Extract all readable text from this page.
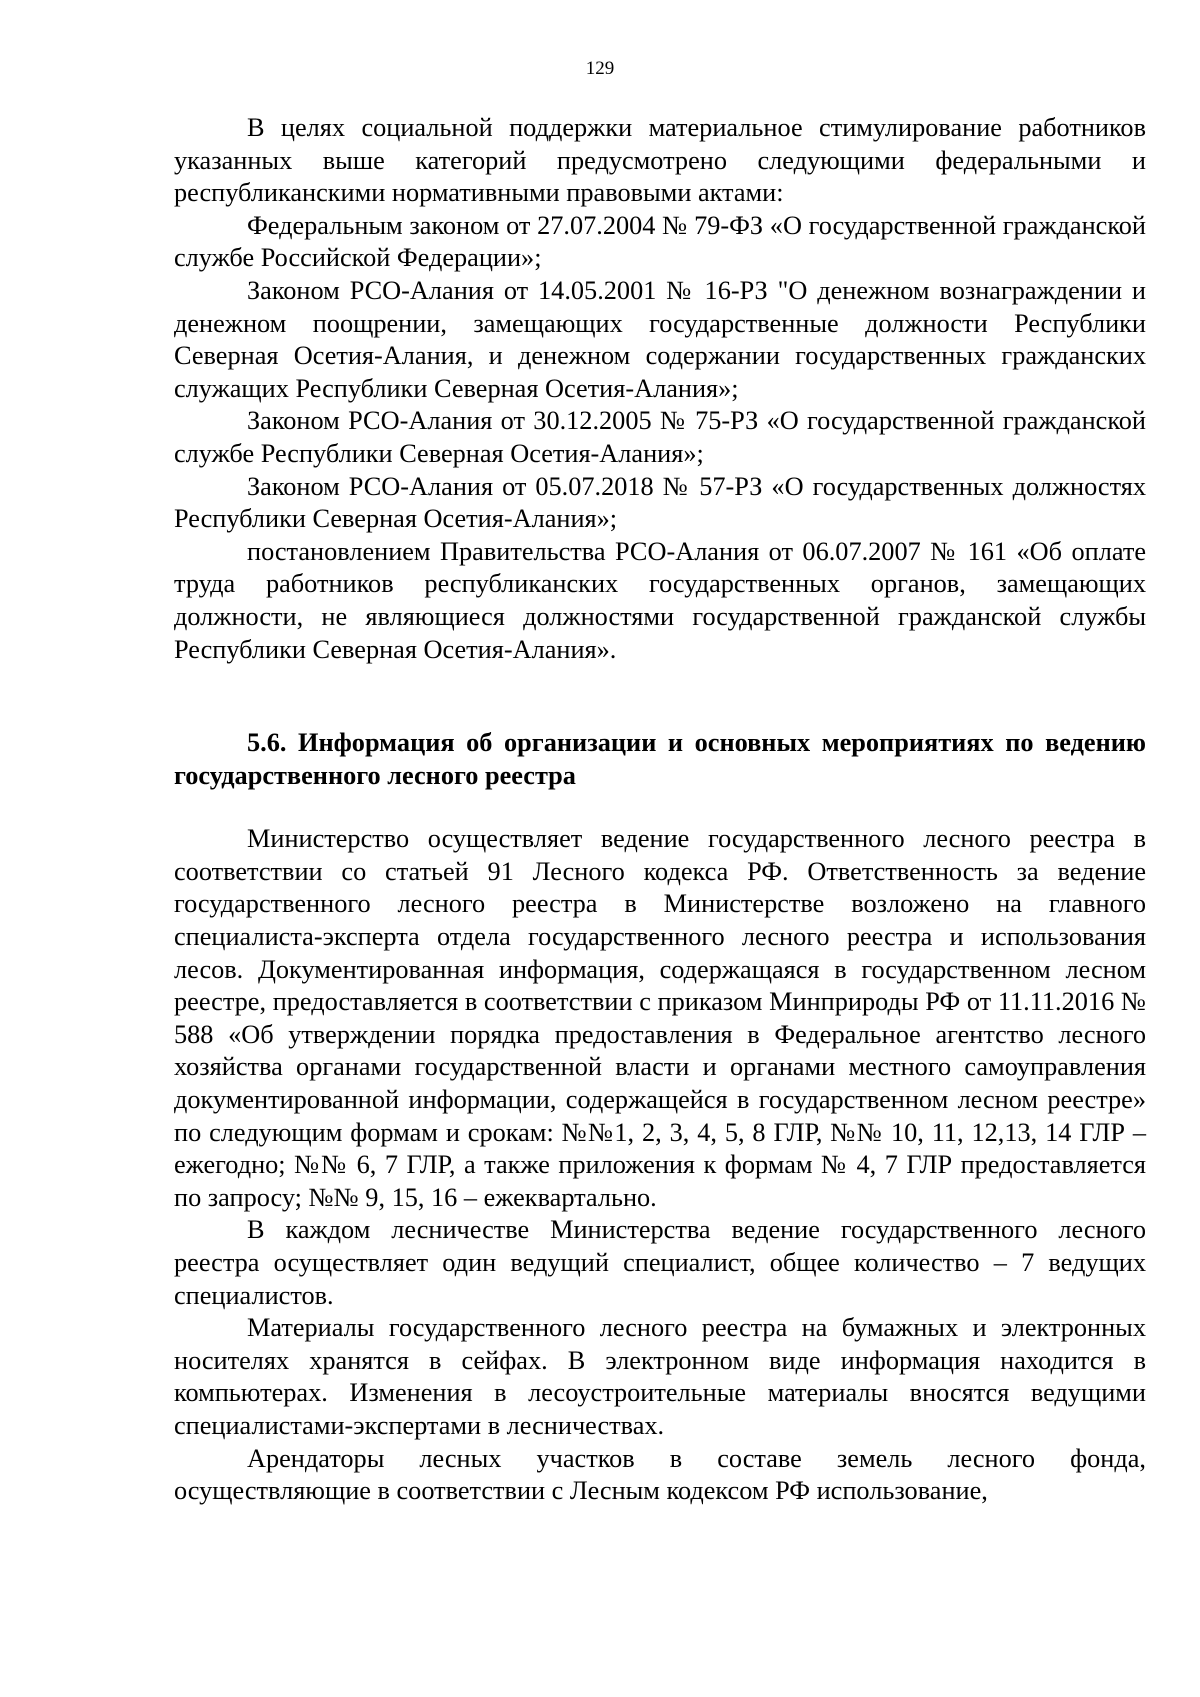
129

В целях социальной поддержки материальное стимулирование работников указанных выше категорий предусмотрено следующими федеральными и республиканскими нормативными правовыми актами:

Федеральным законом от 27.07.2004 № 79-ФЗ «О государственной гражданской службе Российской Федерации»;

Законом РСО-Алания от 14.05.2001 № 16-РЗ "О денежном вознаграждении и денежном поощрении, замещающих государственные должности Республики Северная Осетия-Алания, и денежном содержании государственных гражданских служащих Республики Северная Осетия-Алания»;

Законом РСО-Алания от 30.12.2005 № 75-РЗ «О государственной гражданской службе Республики Северная Осетия-Алания»;

Законом РСО-Алания от 05.07.2018 № 57-РЗ «О государственных должностях Республики Северная Осетия-Алания»;

постановлением Правительства РСО-Алания от 06.07.2007 № 161 «Об оплате труда работников республиканских государственных органов, замещающих должности, не являющиеся должностями государственной гражданской службы Республики Северная Осетия-Алания».

5.6. Информация об организации и основных мероприятиях по ведению государственного лесного реестра

Министерство осуществляет ведение государственного лесного реестра в соответствии со статьей 91 Лесного кодекса РФ. Ответственность за ведение государственного лесного реестра в Министерстве возложено на главного специалиста-эксперта отдела государственного лесного реестра и использования лесов. Документированная информация, содержащаяся в государственном лесном реестре, предоставляется в соответствии с приказом Минприроды РФ от 11.11.2016 № 588 «Об утверждении порядка предоставления в Федеральное агентство лесного хозяйства органами государственной власти и органами местного самоуправления документированной информации, содержащейся в государственном лесном реестре» по следующим формам и срокам: №№1, 2, 3, 4, 5, 8 ГЛР, №№ 10, 11, 12,13, 14 ГЛР – ежегодно; №№ 6, 7 ГЛР, а также приложения к формам № 4, 7 ГЛР предоставляется по запросу; №№ 9, 15, 16 – ежеквартально.

В каждом лесничестве Министерства ведение государственного лесного реестра осуществляет один ведущий специалист, общее количество – 7 ведущих специалистов.

Материалы государственного лесного реестра на бумажных и электронных носителях хранятся в сейфах. В электронном виде информация находится в компьютерах. Изменения в лесоустроительные материалы вносятся ведущими специалистами-экспертами в лесничествах.

Арендаторы лесных участков в составе земель лесного фонда, осуществляющие в соответствии с Лесным кодексом РФ использование,
